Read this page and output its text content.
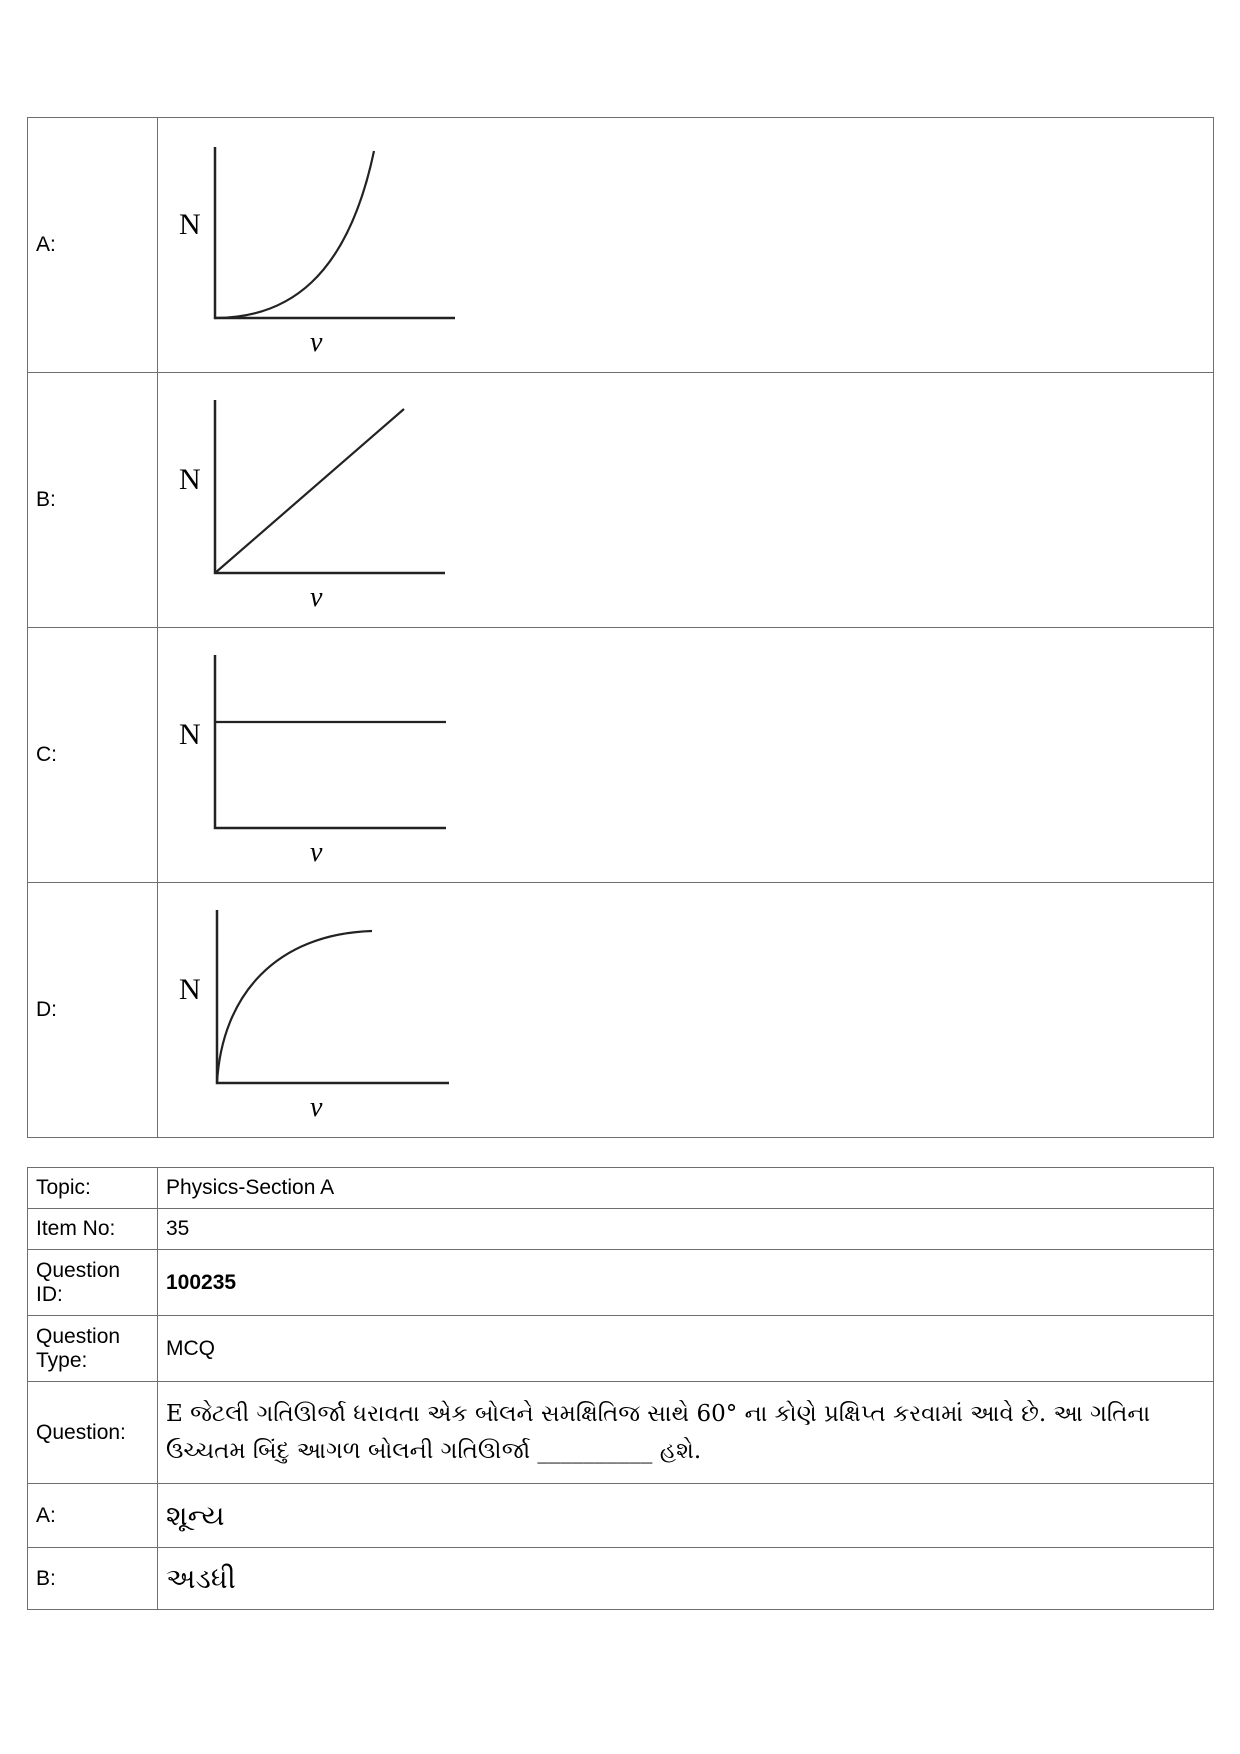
A:	N
ν

B:	N
ν

C:	N
ν

D:	N
ν
Topic:	Physics-Section A
Item No:	35
Question ID:	100235
Question Type:	MCQ
Question:	E જેટલી ગતિઊર્જા ધરાવતા એક બોલને સમક્ષિતિજ સાથે 60° ના કોણે પ્રક્ષિપ્ત કરવામાં આવે છે. આ ગતિના ઉચ્ચતમ બિંદુ આગળ બોલની ગતિઊર્જા __________ હશે.
A:	શૂન્ય
B:	અડધી
